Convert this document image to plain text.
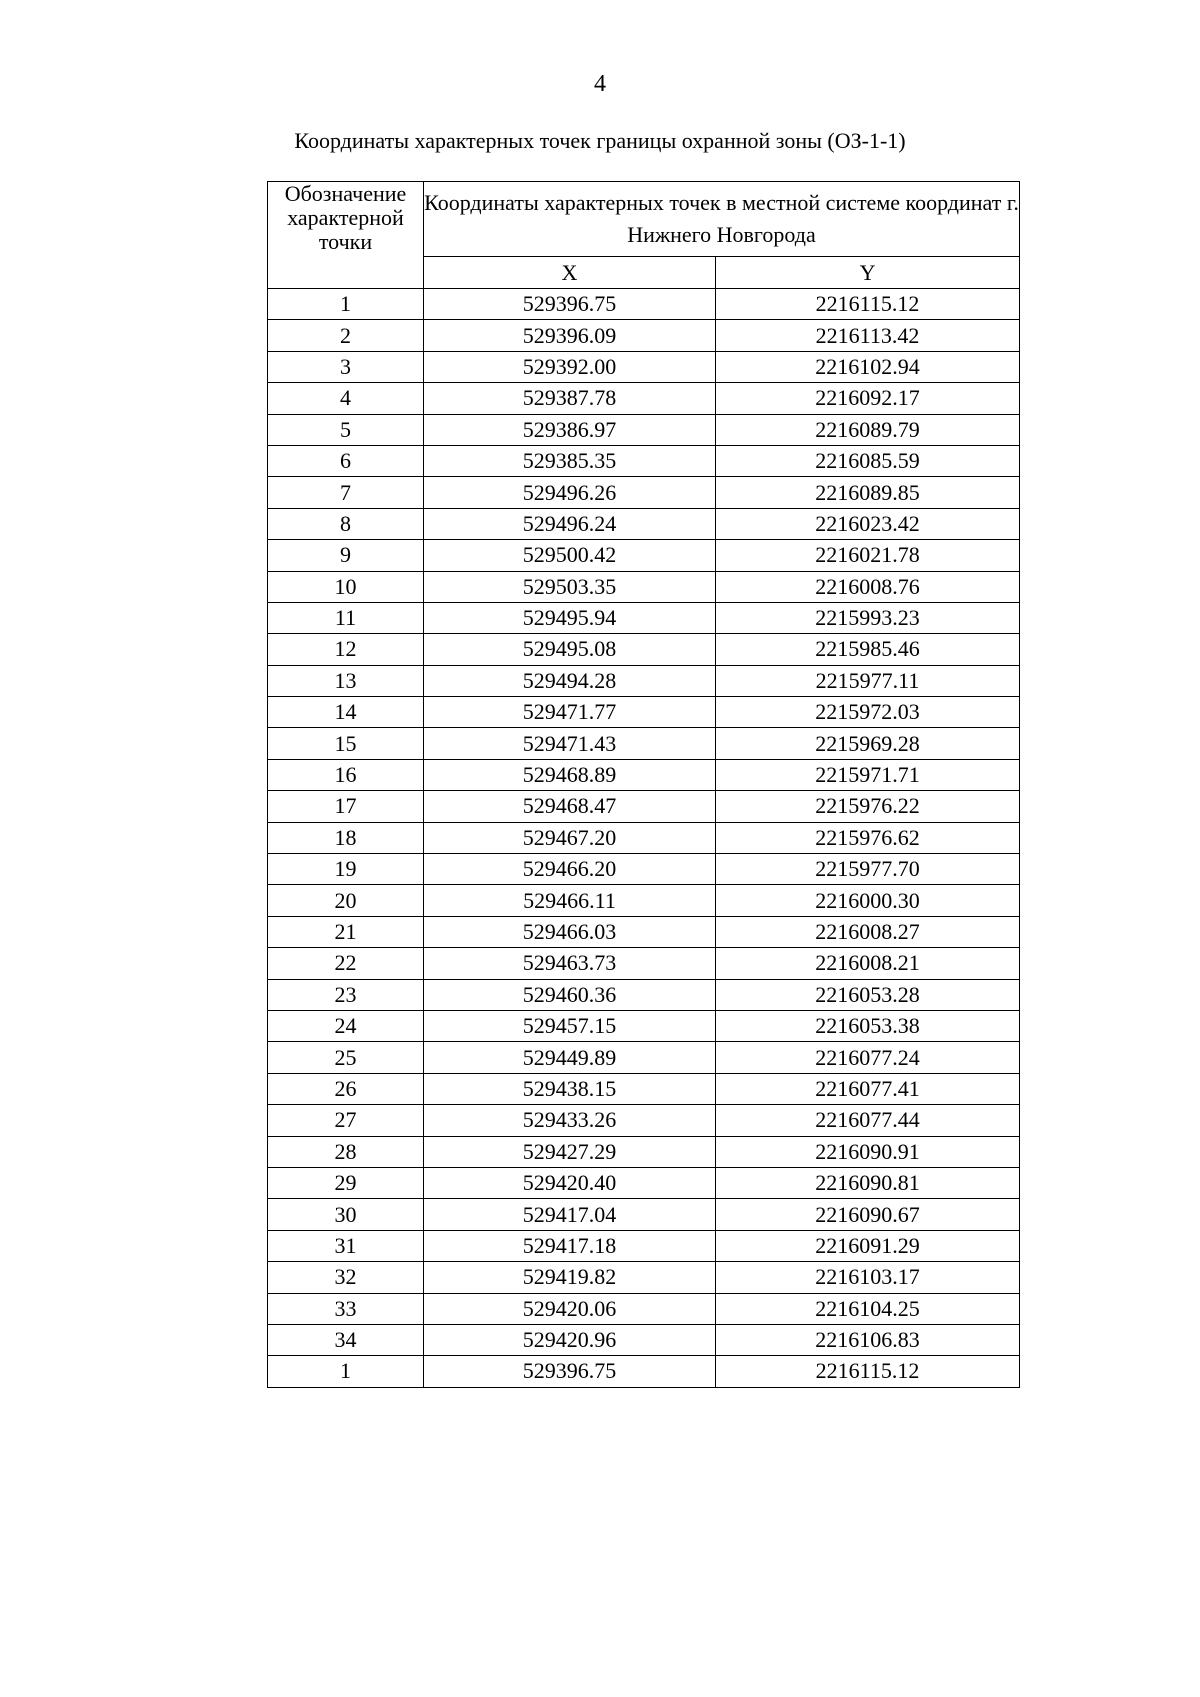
4
Координаты характерных точек границы охранной зоны (ОЗ-1-1)
Обозначение характерной точки	Координаты характерных точек в местной системе координат г. Нижнего Новгорода	
	X	Y
1	529396.75	2216115.12
2	529396.09	2216113.42
3	529392.00	2216102.94
4	529387.78	2216092.17
5	529386.97	2216089.79
6	529385.35	2216085.59
7	529496.26	2216089.85
8	529496.24	2216023.42
9	529500.42	2216021.78
10	529503.35	2216008.76
11	529495.94	2215993.23
12	529495.08	2215985.46
13	529494.28	2215977.11
14	529471.77	2215972.03
15	529471.43	2215969.28
16	529468.89	2215971.71
17	529468.47	2215976.22
18	529467.20	2215976.62
19	529466.20	2215977.70
20	529466.11	2216000.30
21	529466.03	2216008.27
22	529463.73	2216008.21
23	529460.36	2216053.28
24	529457.15	2216053.38
25	529449.89	2216077.24
26	529438.15	2216077.41
27	529433.26	2216077.44
28	529427.29	2216090.91
29	529420.40	2216090.81
30	529417.04	2216090.67
31	529417.18	2216091.29
32	529419.82	2216103.17
33	529420.06	2216104.25
34	529420.96	2216106.83
1	529396.75	2216115.12
